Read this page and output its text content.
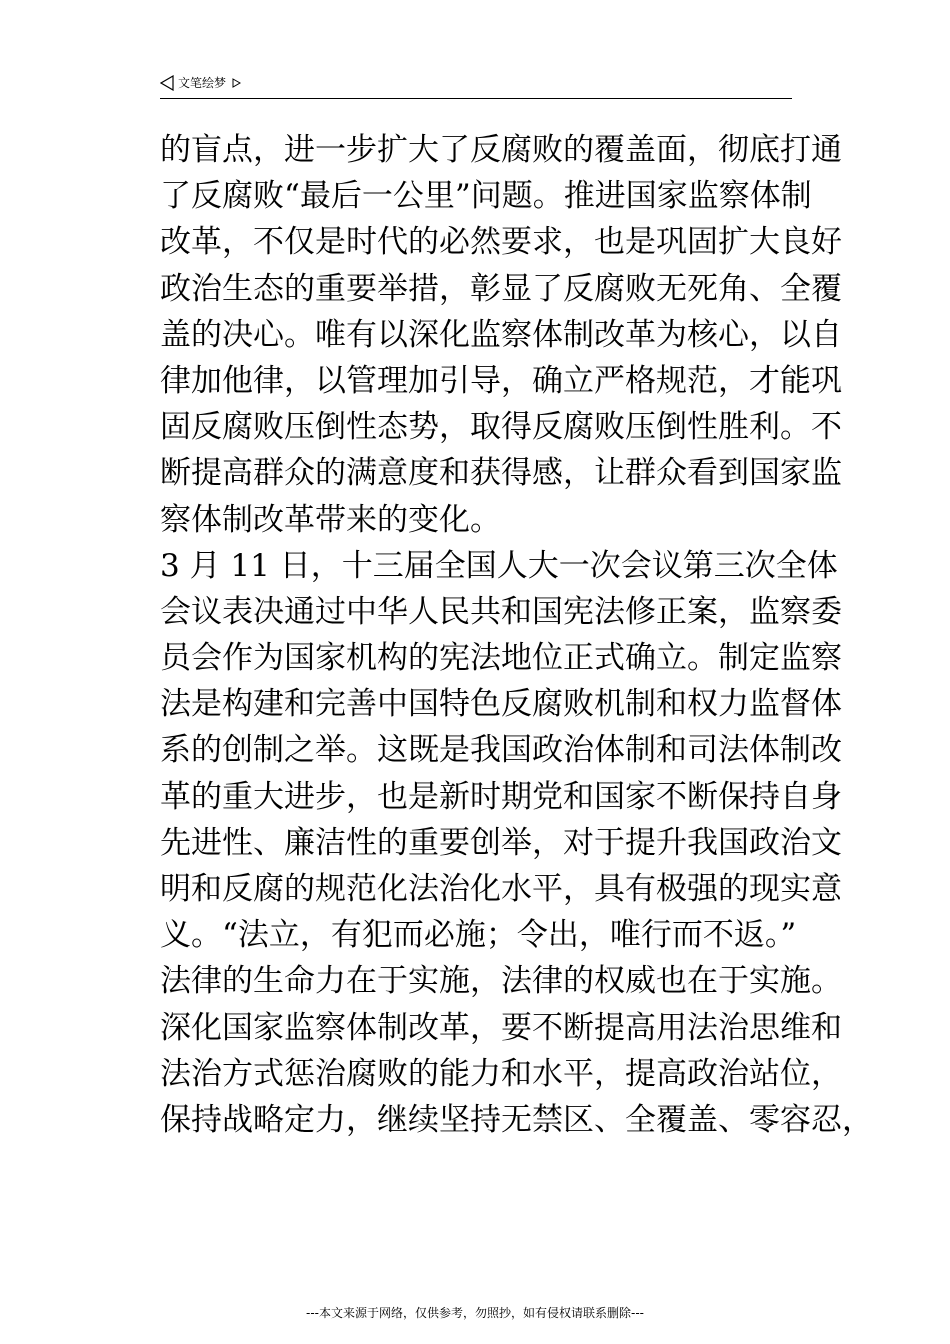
文笔绘梦
的盲点，进一步扩大了反腐败的覆盖面，彻底打通
了反腐败“最后一公里”问题。推进国家监察体制
改革，不仅是时代的必然要求，也是巩固扩大良好
政治生态的重要举措，彰显了反腐败无死角、全覆
盖的决心。唯有以深化监察体制改革为核心，以自
律加他律，以管理加引导，确立严格规范，才能巩
固反腐败压倒性态势，取得反腐败压倒性胜利。不
断提高群众的满意度和获得感，让群众看到国家监
察体制改革带来的变化。
3 月 11 日，十三届全国人大一次会议第三次全体
会议表决通过中华人民共和国宪法修正案，监察委
员会作为国家机构的宪法地位正式确立。制定监察
法是构建和完善中国特色反腐败机制和权力监督体
系的创制之举。这既是我国政治体制和司法体制改
革的重大进步，也是新时期党和国家不断保持自身
先进性、廉洁性的重要创举，对于提升我国政治文
明和反腐的规范化法治化水平，具有极强的现实意
义。“法立，有犯而必施；令出，唯行而不返。”
法律的生命力在于实施，法律的权威也在于实施。
深化国家监察体制改革，要不断提高用法治思维和
法治方式惩治腐败的能力和水平，提高政治站位，
保持战略定力，继续坚持无禁区、全覆盖、零容忍，
---本文来源于网络，仅供参考，勿照抄，如有侵权请联系删除---
